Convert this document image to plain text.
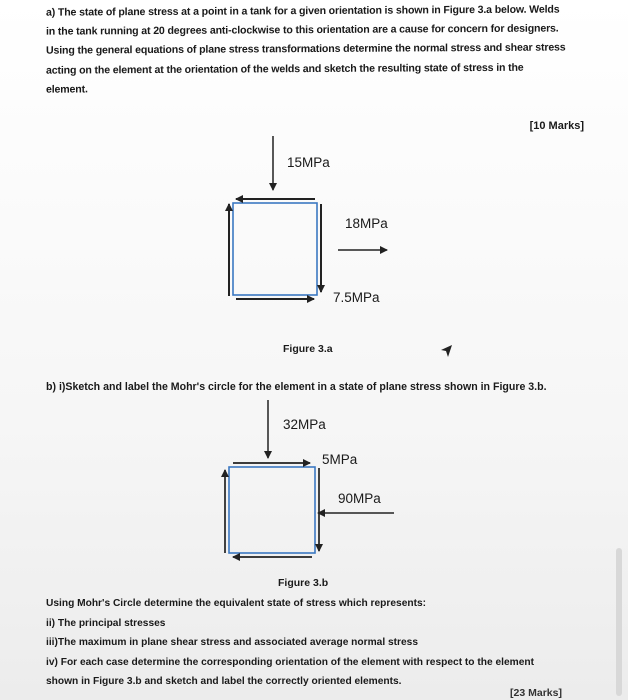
a) The state of plane stress at a point in a tank for a given orientation is shown in Figure 3.a below. Welds
in the tank running at 20 degrees anti-clockwise to this orientation are a cause for concern for designers.
Using the general equations of plane stress transformations determine the normal stress and shear stress
acting on the element at the orientation of the welds and sketch the resulting state of stress in the
element.
[10 Marks]
15MPa
18MPa
7.5MPa
Figure 3.a
b) i)Sketch and label the Mohr's circle for the element in a state of plane stress shown in Figure 3.b.
32MPa
5MPa
90MPa
Figure 3.b
Using Mohr's Circle determine the equivalent state of stress which represents:
ii) The principal stresses
iii)The maximum in plane shear stress and associated average normal stress
iv) For each case determine the corresponding orientation of the element with respect to the element
shown in Figure 3.b and sketch and label the correctly oriented elements.
[23 Marks]
